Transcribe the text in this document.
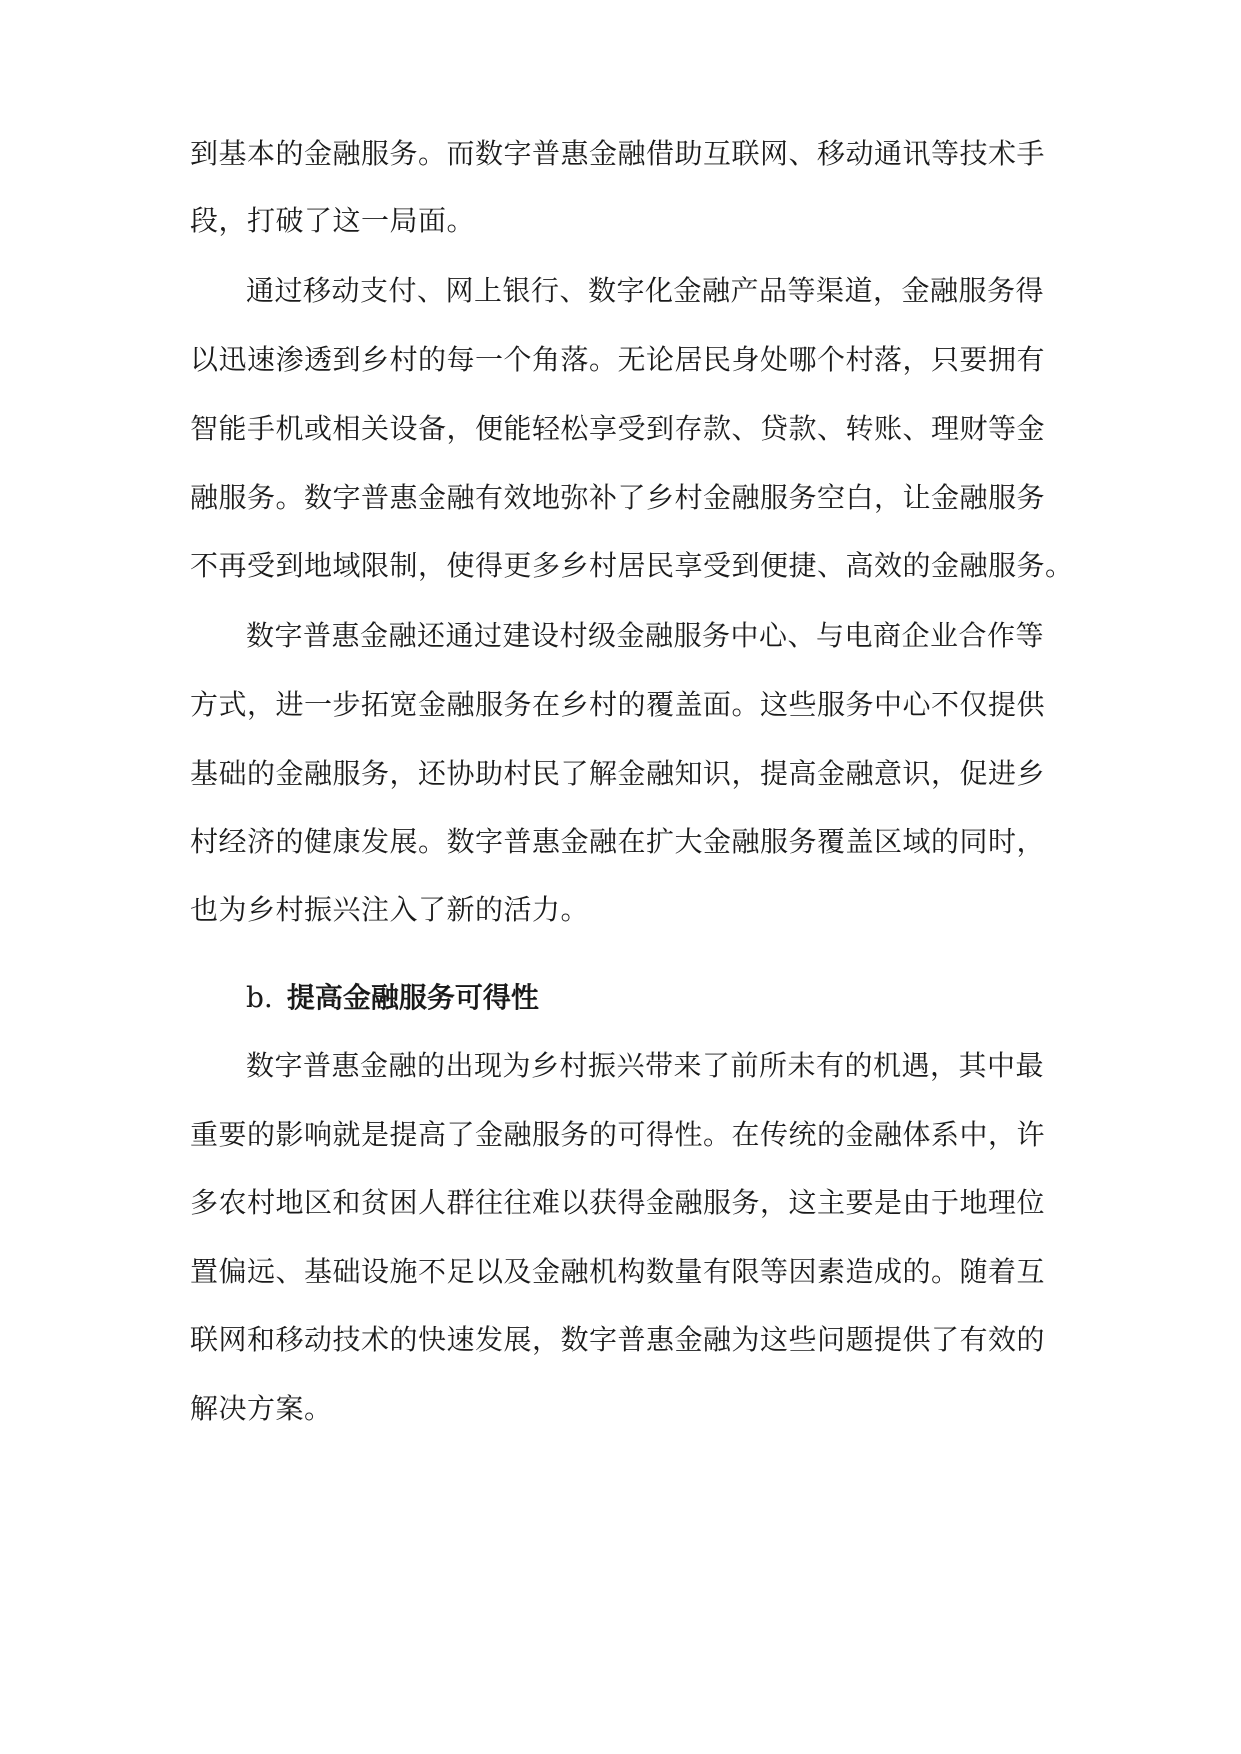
到基本的金融服务。而数字普惠金融借助互联网、移动通讯等技术手
段，打破了这一局面。
通过移动支付、网上银行、数字化金融产品等渠道，金融服务得
以迅速渗透到乡村的每一个角落。无论居民身处哪个村落，只要拥有
智能手机或相关设备，便能轻松享受到存款、贷款、转账、理财等金
融服务。数字普惠金融有效地弥补了乡村金融服务空白，让金融服务
不再受到地域限制，使得更多乡村居民享受到便捷、高效的金融服务。
数字普惠金融还通过建设村级金融服务中心、与电商企业合作等
方式，进一步拓宽金融服务在乡村的覆盖面。这些服务中心不仅提供
基础的金融服务，还协助村民了解金融知识，提高金融意识，促进乡
村经济的健康发展。数字普惠金融在扩大金融服务覆盖区域的同时，
也为乡村振兴注入了新的活力。
b. 提高金融服务可得性
数字普惠金融的出现为乡村振兴带来了前所未有的机遇，其中最
重要的影响就是提高了金融服务的可得性。在传统的金融体系中，许
多农村地区和贫困人群往往难以获得金融服务，这主要是由于地理位
置偏远、基础设施不足以及金融机构数量有限等因素造成的。随着互
联网和移动技术的快速发展，数字普惠金融为这些问题提供了有效的
解决方案。
